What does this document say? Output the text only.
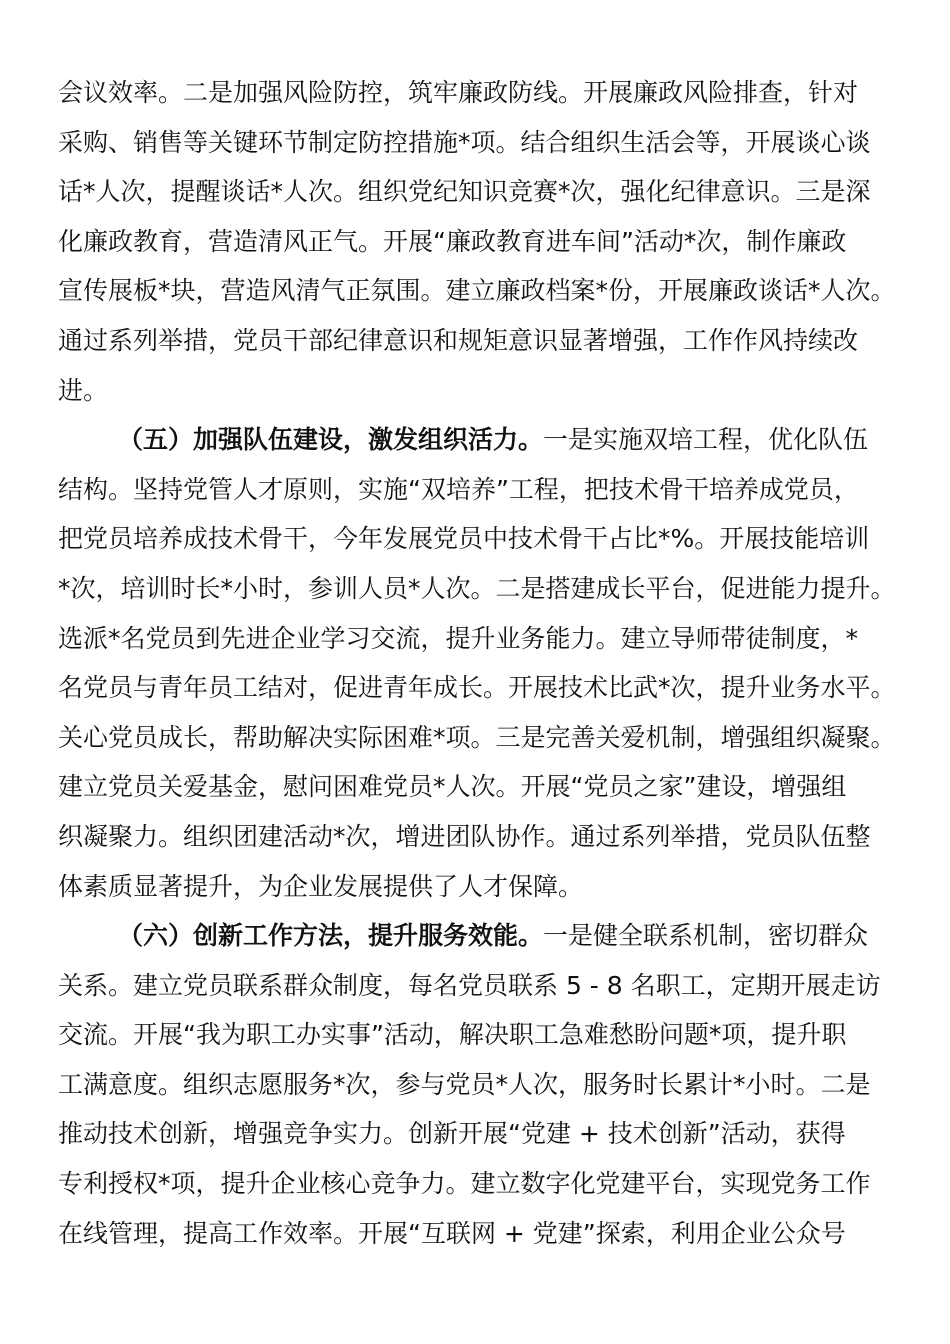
会议效率。二是加强风险防控，筑牢廉政防线。开展廉政风险排查，针对
采购、销售等关键环节制定防控措施*项。结合组织生活会等，开展谈心谈
话*人次，提醒谈话*人次。组织党纪知识竞赛*次，强化纪律意识。三是深
化廉政教育，营造清风正气。开展“廉政教育进车间”活动*次，制作廉政
宣传展板*块，营造风清气正氛围。建立廉政档案*份，开展廉政谈话*人次。
通过系列举措，党员干部纪律意识和规矩意识显著增强，工作作风持续改
进。
（五）加强队伍建设，激发组织活力。一是实施双培工程，优化队伍
结构。坚持党管人才原则，实施“双培养”工程，把技术骨干培养成党员，
把党员培养成技术骨干，今年发展党员中技术骨干占比*%。开展技能培训
*次，培训时长*小时，参训人员*人次。二是搭建成长平台，促进能力提升。
选派*名党员到先进企业学习交流，提升业务能力。建立导师带徒制度，*
名党员与青年员工结对，促进青年成长。开展技术比武*次，提升业务水平。
关心党员成长，帮助解决实际困难*项。三是完善关爱机制，增强组织凝聚。
建立党员关爱基金，慰问困难党员*人次。开展“党员之家”建设，增强组
织凝聚力。组织团建活动*次，增进团队协作。通过系列举措，党员队伍整
体素质显著提升，为企业发展提供了人才保障。
（六）创新工作方法，提升服务效能。一是健全联系机制，密切群众
关系。建立党员联系群众制度，每名党员联系 5 - 8 名职工，定期开展走访
交流。开展“我为职工办实事”活动，解决职工急难愁盼问题*项，提升职
工满意度。组织志愿服务*次，参与党员*人次，服务时长累计*小时。二是
推动技术创新，增强竞争实力。创新开展“党建 + 技术创新”活动，获得
专利授权*项，提升企业核心竞争力。建立数字化党建平台，实现党务工作
在线管理，提高工作效率。开展“互联网 + 党建”探索，利用企业公众号
